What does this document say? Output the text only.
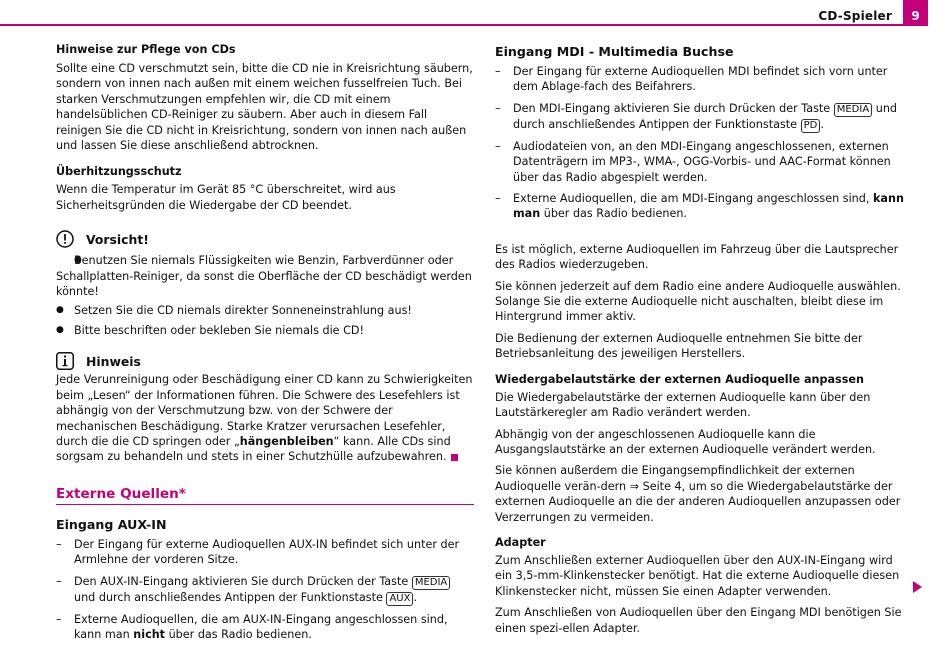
CD-Spieler	9

Hinweise zur Pflege von CDs

Sollte eine CD verschmutzt sein, bitte die CD nie in Kreisrichtung säubern, sondern von innen nach außen mit einem weichen fusselfreien Tuch. Bei starken Verschmutzungen empfehlen wir, die CD mit einem handelsüblichen CD-Reiniger zu säubern. Aber auch in diesem Fall reinigen Sie die CD nicht in Kreisrichtung, sondern von innen nach außen und lassen Sie diese anschließend abtrocknen.

Überhitzungsschutz

Wenn die Temperatur im Gerät 85 °C überschreitet, wird aus Sicherheitsgründen die Wiedergabe der CD beendet.

Vorsicht!
● Benutzen Sie niemals Flüssigkeiten wie Benzin, Farbverdünner oder Schallplatten-Reiniger, da sonst die Oberfläche der CD beschädigt werden könnte!
● Setzen Sie die CD niemals direkter Sonneneinstrahlung aus!
● Bitte beschriften oder bekleben Sie niemals die CD!
Hinweis

Jede Verunreinigung oder Beschädigung einer CD kann zu Schwierigkeiten beim „Lesen“ der Informationen führen. Die Schwere des Lesefehlers ist abhängig von der Verschmutzung bzw. von der Schwere der mechanischen Beschädigung. Starke Kratzer verursachen Lesefehler, durch die die CD springen oder „hängenbleiben“ kann. Alle CDs sind sorgsam zu behandeln und stets in einer Schutzhülle aufzubewahren.

Externe Quellen*

Eingang AUX-IN

– Der Eingang für externe Audioquellen AUX-IN befindet sich unter der Armlehne der vorderen Sitze.
– Den AUX-IN-Eingang aktivieren Sie durch Drücken der Taste MEDIA und durch anschließendes Antippen der Funktionstaste AUX .
– Externe Audioquellen, die am AUX-IN-Eingang angeschlossen sind, kann man nicht über das Radio bedienen.

Eingang MDI - Multimedia Buchse

– Der Eingang für externe Audioquellen MDI befindet sich vorn unter dem Ablage-fach des Beifahrers.
– Den MDI-Eingang aktivieren Sie durch Drücken der Taste MEDIA und durch anschließendes Antippen der Funktionstaste PD .
– Audiodateien von, an den MDI-Eingang angeschlossenen, externen Datenträgern im MP3-, WMA-, OGG-Vorbis- und AAC-Format können über das Radio abgespielt werden.
– Externe Audioquellen, die am MDI-Eingang angeschlossen sind, kann man über das Radio bedienen.

Es ist möglich, externe Audioquellen im Fahrzeug über die Lautsprecher des Radios wiederzugeben.

Sie können jederzeit auf dem Radio eine andere Audioquelle auswählen. Solange Sie die externe Audioquelle nicht auschalten, bleibt diese im Hintergrund immer aktiv.

Die Bedienung der externen Audioquelle entnehmen Sie bitte der Betriebsanleitung des jeweiligen Herstellers.

Wiedergabelautstärke der externen Audioquelle anpassen

Die Wiedergabelautstärke der externen Audioquelle kann über den Lautstärkeregler am Radio verändert werden.

Abhängig von der angeschlossenen Audioquelle kann die Ausgangslautstärke an der externen Audioquelle verändert werden.

Sie können außerdem die Eingangsempfindlichkeit der externen Audioquelle verän-dern ⇒ Seite 4, um so die Wiedergabelautstärke der externen Audioquelle an die der anderen Audioquellen anzupassen oder Verzerrungen zu vermeiden.

Adapter

Zum Anschließen externer Audioquellen über den AUX-IN-Eingang wird ein 3,5-mm-Klinkenstecker benötigt. Hat die externe Audioquelle diesen Klinkenstecker nicht, müssen Sie einen Adapter verwenden.

Zum Anschließen von Audioquellen über den Eingang MDI benötigen Sie einen spezi-ellen Adapter.
